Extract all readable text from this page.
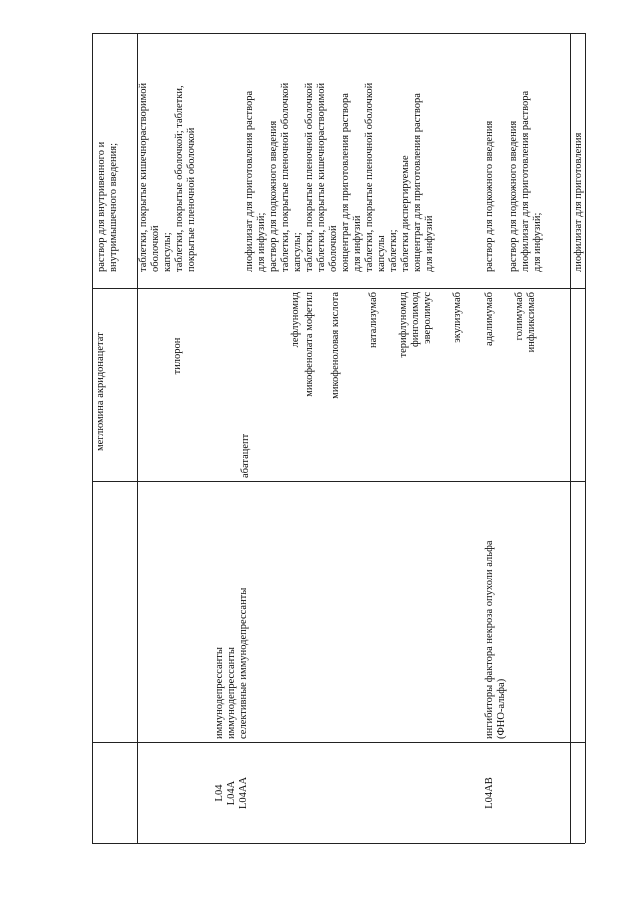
меглюмина акридонацетат
раствор для внутривенного и внутримышечного введения;
тилорон
таблетки, покрытые кишечнорастворимой оболочкой капсулы; таблетки, покрытые оболочкой; таблетки, покрытые пленочной оболочкой
L04 L04A L04AA
иммунодепрессанты иммунодепрессанты селективные иммунодепрессанты
абатацепт
лефлуномид микофенолата мофетил микофеноловая кислота	натализумаб терифлуномид финголимод эверолимус экулизумаб
лиофилизат для приготовления раствора для инфузий; раствор для подкожного введения таблетки, покрытые пленочной оболочкой капсулы; таблетки, покрытые пленочной оболочкой таблетки, покрытые кишечнорастворимой оболочкой концентрат для приготовления раствора для инфузий таблетки, покрытые пленочной оболочкой капсулы таблетки; таблетки диспергируемые концентрат для приготовления раствора для инфузий
L04AB
ингибиторы фактора некроза опухоли альфа (ФНО-альфа)
адалимумаб голимумаб инфликсимаб
раствор для подкожного введения раствор для подкожного введения лиофилизат для приготовления раствора для инфузий;	лиофилизат для приготовления
